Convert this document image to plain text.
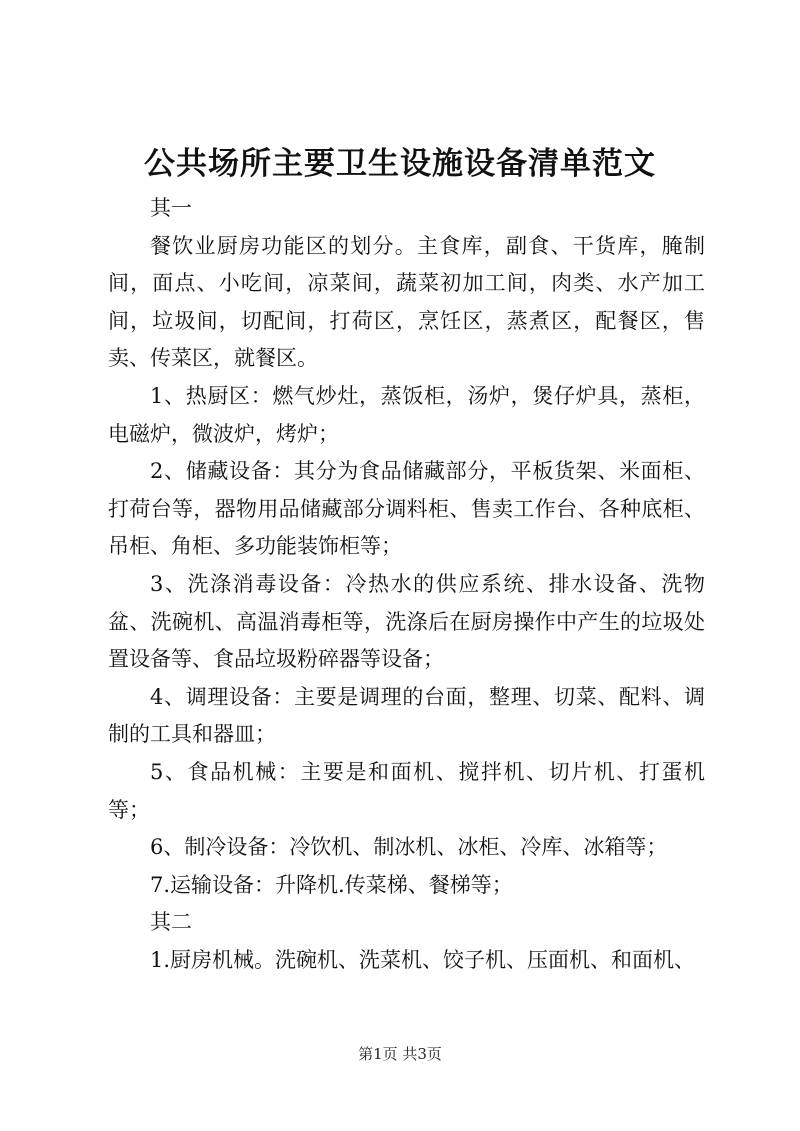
公共场所主要卫生设施设备清单范文

其一

餐饮业厨房功能区的划分。主食库，副食、干货库，腌制间，面点、小吃间，凉菜间，蔬菜初加工间，肉类、水产加工间，垃圾间，切配间，打荷区，烹饪区，蒸煮区，配餐区，售卖、传菜区，就餐区。

1、热厨区：燃气炒灶，蒸饭柜，汤炉，煲仔炉具，蒸柜，电磁炉，微波炉，烤炉；

2、储藏设备：其分为食品储藏部分，平板货架、米面柜、打荷台等，器物用品储藏部分调料柜、售卖工作台、各种底柜、吊柜、角柜、多功能装饰柜等；

3、洗涤消毒设备：冷热水的供应系统、排水设备、洗物盆、洗碗机、高温消毒柜等，洗涤后在厨房操作中产生的垃圾处置设备等、食品垃圾粉碎器等设备；

4、调理设备：主要是调理的台面，整理、切菜、配料、调制的工具和器皿；

5、食品机械：主要是和面机、搅拌机、切片机、打蛋机等；

6、制冷设备：冷饮机、制冰机、冰柜、冷库、冰箱等；

7.运输设备：升降机.传菜梯、餐梯等；

其二

1.厨房机械。洗碗机、洗菜机、饺子机、压面机、和面机、

第1页 共3页
